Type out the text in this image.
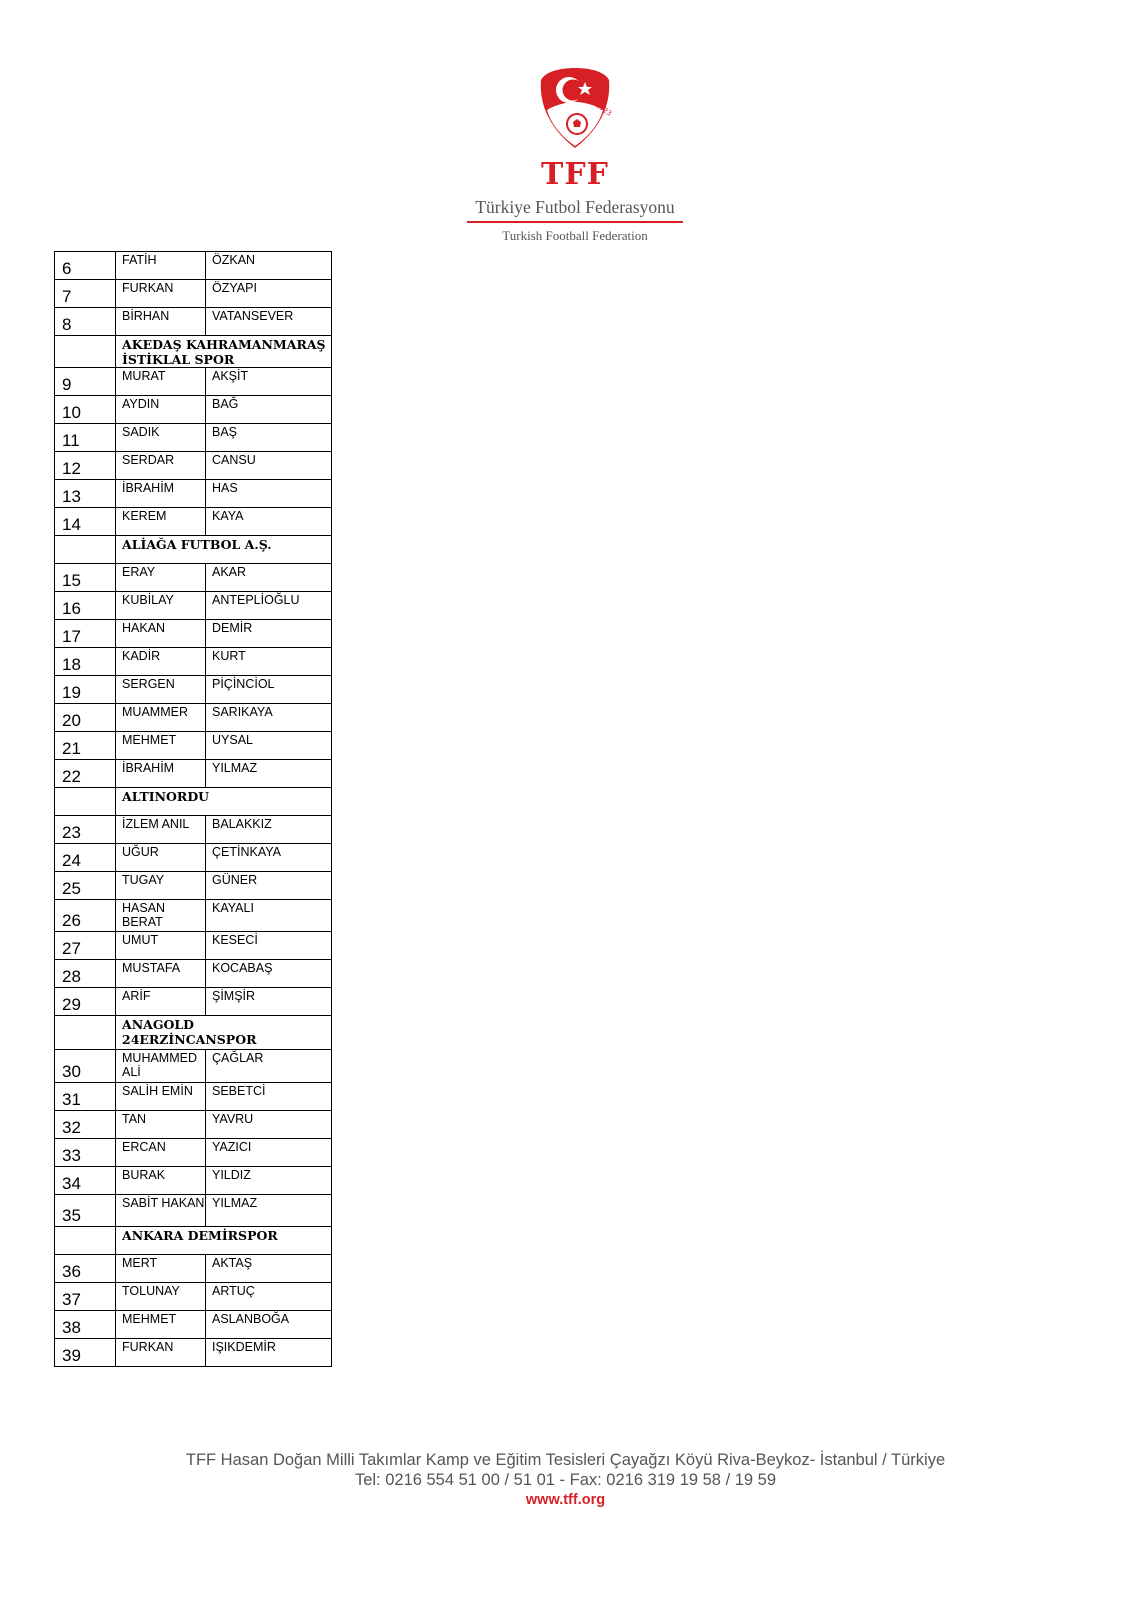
1923
TFF
Türkiye Futbol Federasyonu
Turkish Football Federation
6	FATİH	ÖZKAN
7	FURKAN	ÖZYAPI
8	BİRHAN	VATANSEVER
	AKEDAŞ KAHRAMANMARAŞ İSTİKLAL SPOR	
9	MURAT	AKŞİT
10	AYDIN	BAĞ
11	SADIK	BAŞ
12	SERDAR	CANSU
13	İBRAHİM	HAS
14	KEREM	KAYA
	ALİAĞA FUTBOL A.Ş.	
15	ERAY	AKAR
16	KUBİLAY	ANTEPLİOĞLU
17	HAKAN	DEMİR
18	KADİR	KURT
19	SERGEN	PİÇİNCİOL
20	MUAMMER	SARIKAYA
21	MEHMET	UYSAL
22	İBRAHİM	YILMAZ
	ALTINORDU	
23	İZLEM ANIL	BALAKKIZ
24	UĞUR	ÇETİNKAYA
25	TUGAY	GÜNER
26	HASAN BERAT	KAYALI
27	UMUT	KESECİ
28	MUSTAFA	KOCABAŞ
29	ARİF	ŞİMŞİR
	ANAGOLD 24ERZİNCANSPOR	
30	MUHAMMED ALİ	ÇAĞLAR
31	SALİH EMİN	SEBETCİ
32	TAN	YAVRU
33	ERCAN	YAZICI
34	BURAK	YILDIZ
35	SABİT HAKAN	YILMAZ
	ANKARA DEMİRSPOR	
36	MERT	AKTAŞ
37	TOLUNAY	ARTUÇ
38	MEHMET	ASLANBOĞA
39	FURKAN	IŞIKDEMİR
TFF Hasan Doğan Milli Takımlar Kamp ve Eğitim Tesisleri Çayağzı Köyü Riva-Beykoz- İstanbul / Türkiye
Tel: 0216 554 51 00 / 51 01 - Fax: 0216 319 19 58 / 19 59
www.tff.org
